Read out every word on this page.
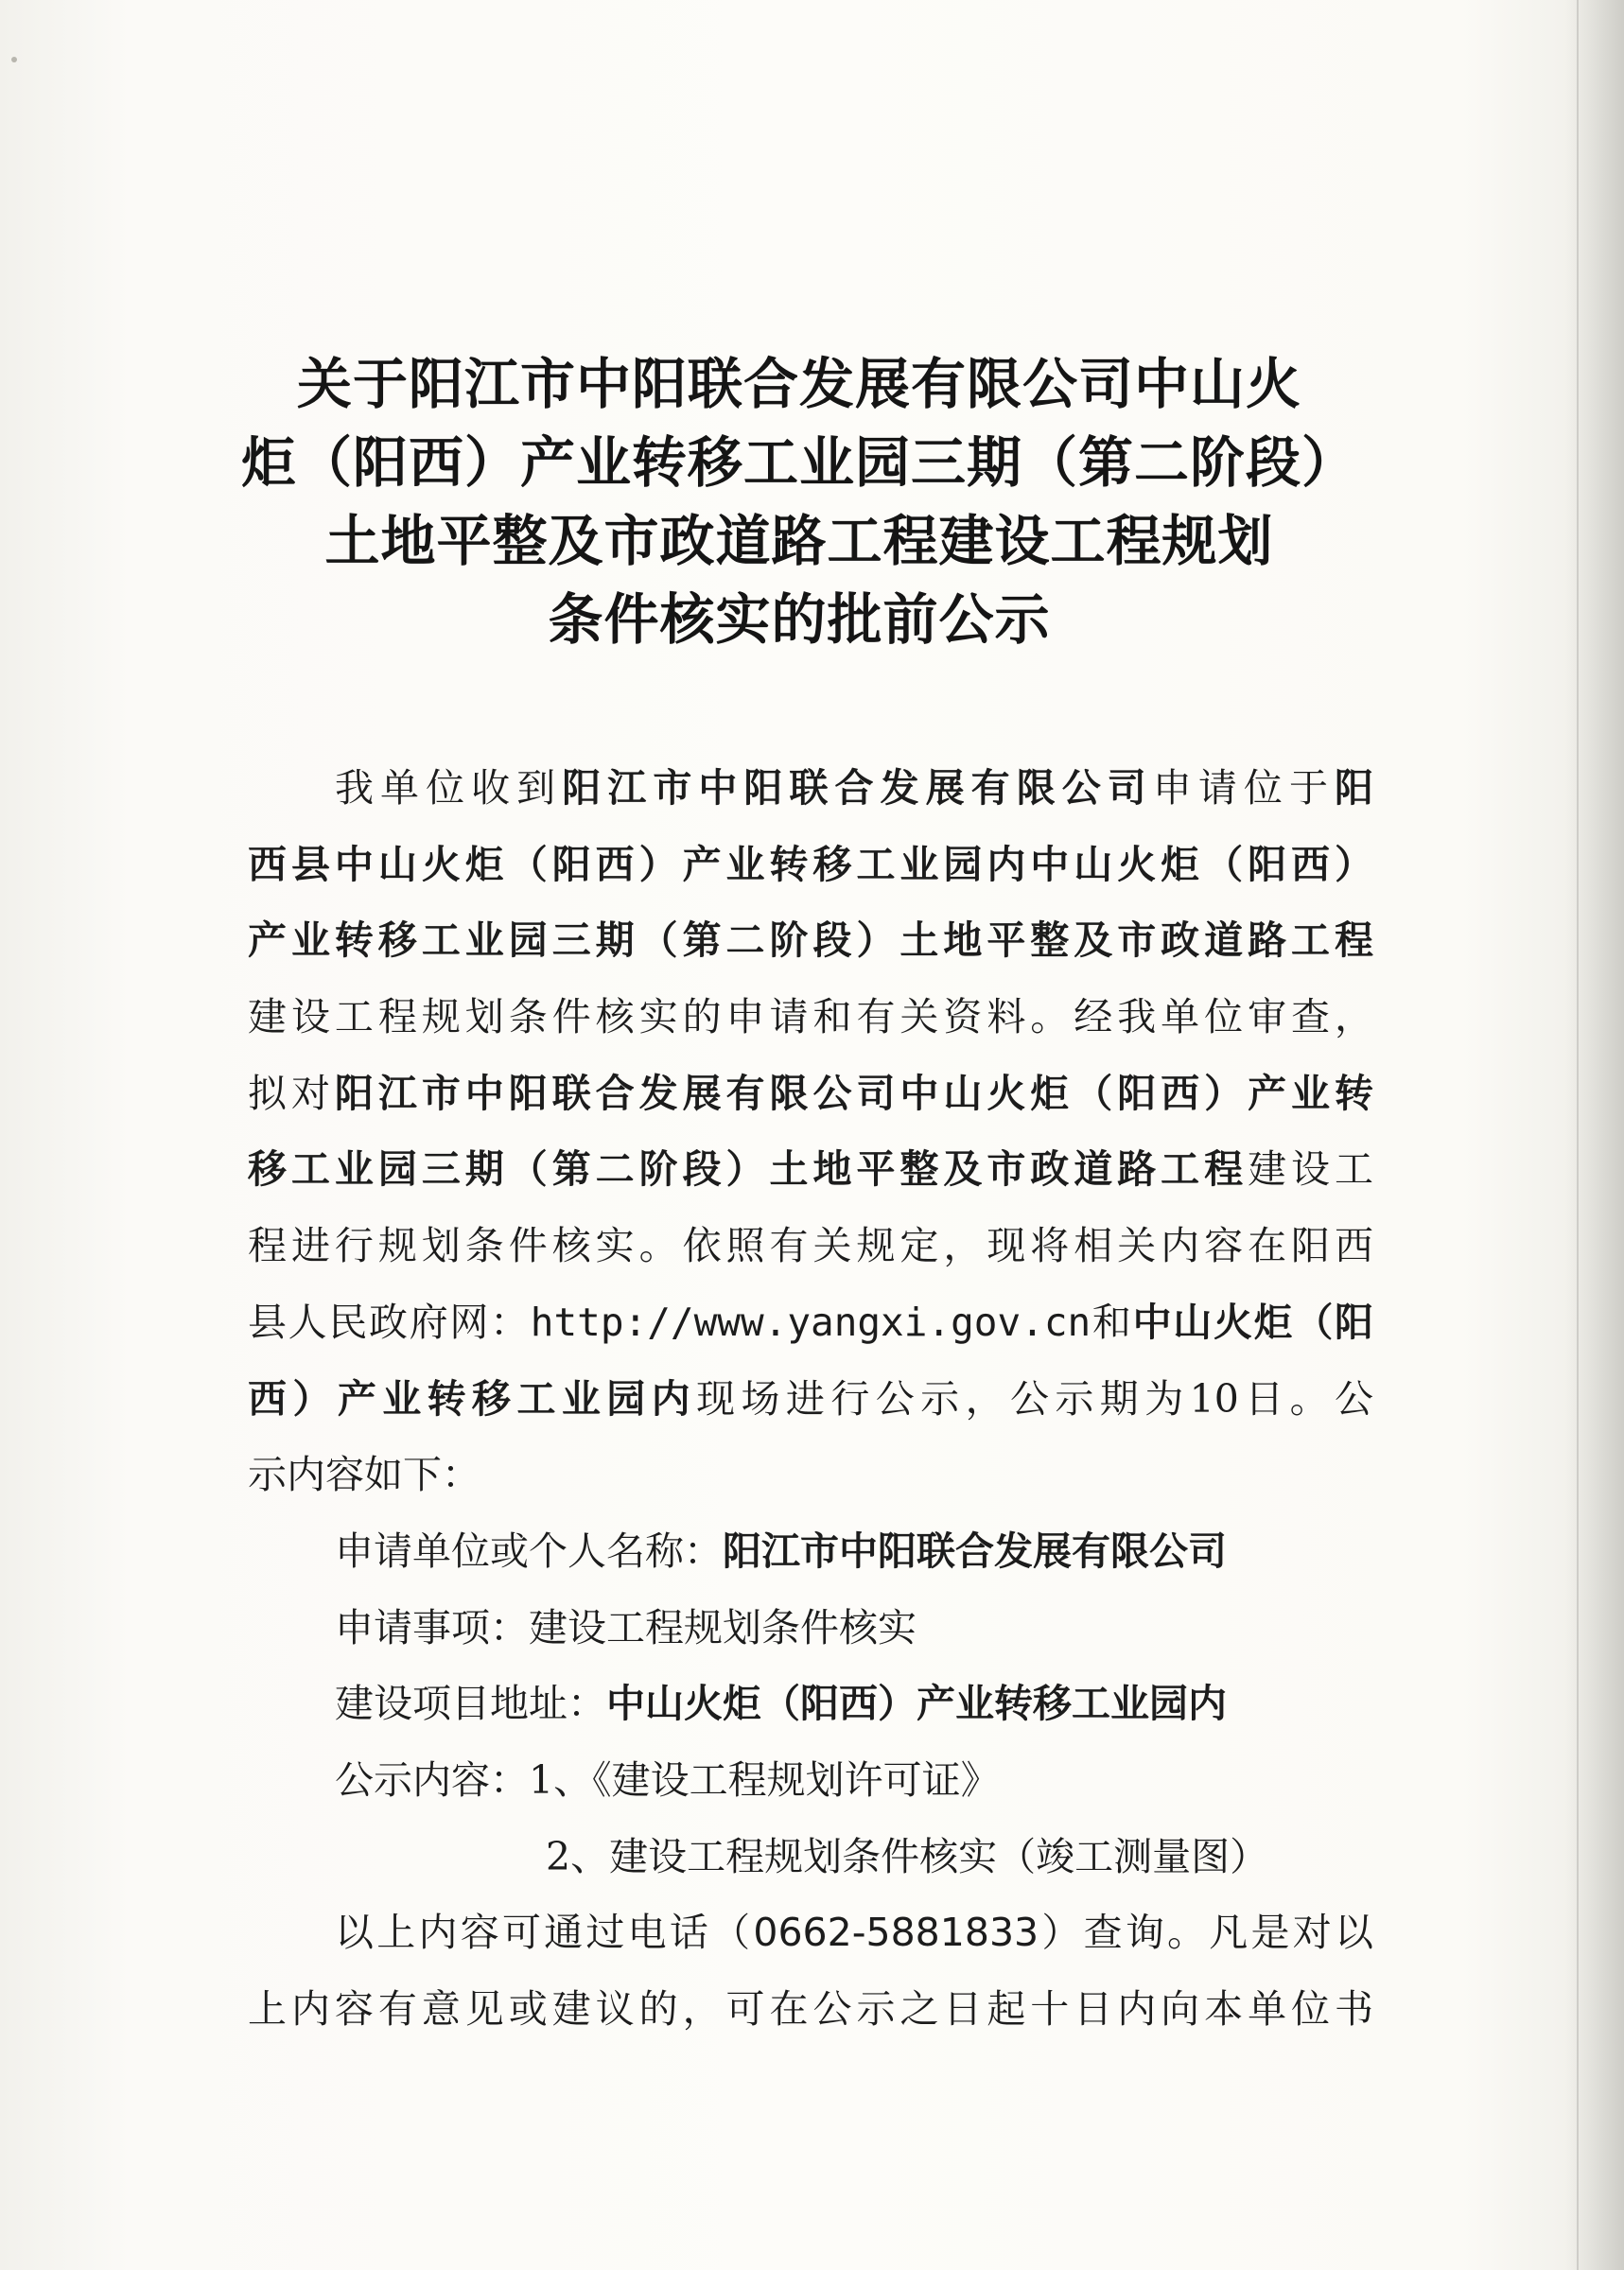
关于阳江市中阳联合发展有限公司中山火
炬（阳西）产业转移工业园三期（第二阶段）
土地平整及市政道路工程建设工程规划
条件核实的批前公示
我单位收到阳江市中阳联合发展有限公司申请位于阳
西县中山火炬（阳西）产业转移工业园内中山火炬（阳西）
产业转移工业园三期（第二阶段）土地平整及市政道路工程
建设工程规划条件核实的申请和有关资料。经我单位审查，
拟对阳江市中阳联合发展有限公司中山火炬（阳西）产业转
移工业园三期（第二阶段）土地平整及市政道路工程建设工
程进行规划条件核实。依照有关规定，现将相关内容在阳西
县人民政府网：http://www.yangxi.gov.cn和中山火炬（阳
西）产业转移工业园内现场进行公示，公示期为10日。公
示内容如下：
申请单位或个人名称：阳江市中阳联合发展有限公司
申请事项：建设工程规划条件核实
建设项目地址：中山火炬（阳西）产业转移工业园内
公示内容：1、《建设工程规划许可证》
2、建设工程规划条件核实（竣工测量图）
以上内容可通过电话（0662-5881833）查询。凡是对以
上内容有意见或建议的，可在公示之日起十日内向本单位书
